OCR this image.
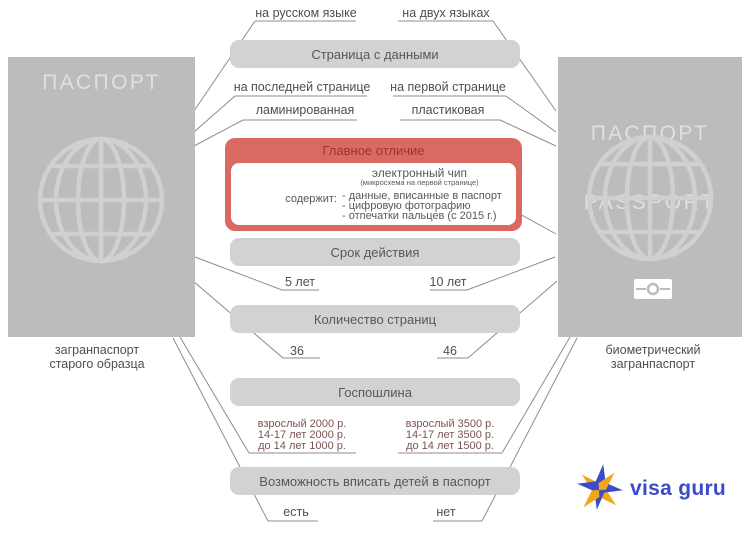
ПАСПОРТ
загранпаспорт
старого образца

ПАСПОРТ

PASSPORT

биометрический
загранпаспорт
на русском языке	на двух языках
Страница с данными
на последней странице	на первой странице
ламинированная	пластиковая
Главное отличие
электронный чип
(микросхема на первой странице)
содержит: - данные, вписанные в паспорт
- цифровую фотографию
- отпечатки пальцев (с 2015 г.)
Срок действия
5 лет	10 лет
Количество страниц
36	46
Госпошлина
взрослый 2000 р.
14-17 лет 2000 р.
до 14 лет 1000 р.
взрослый 3500 р.
14-17 лет 3500 р.
до 14 лет 1500 р.
Возможность вписать детей в паспорт
есть	нет
visa guru
